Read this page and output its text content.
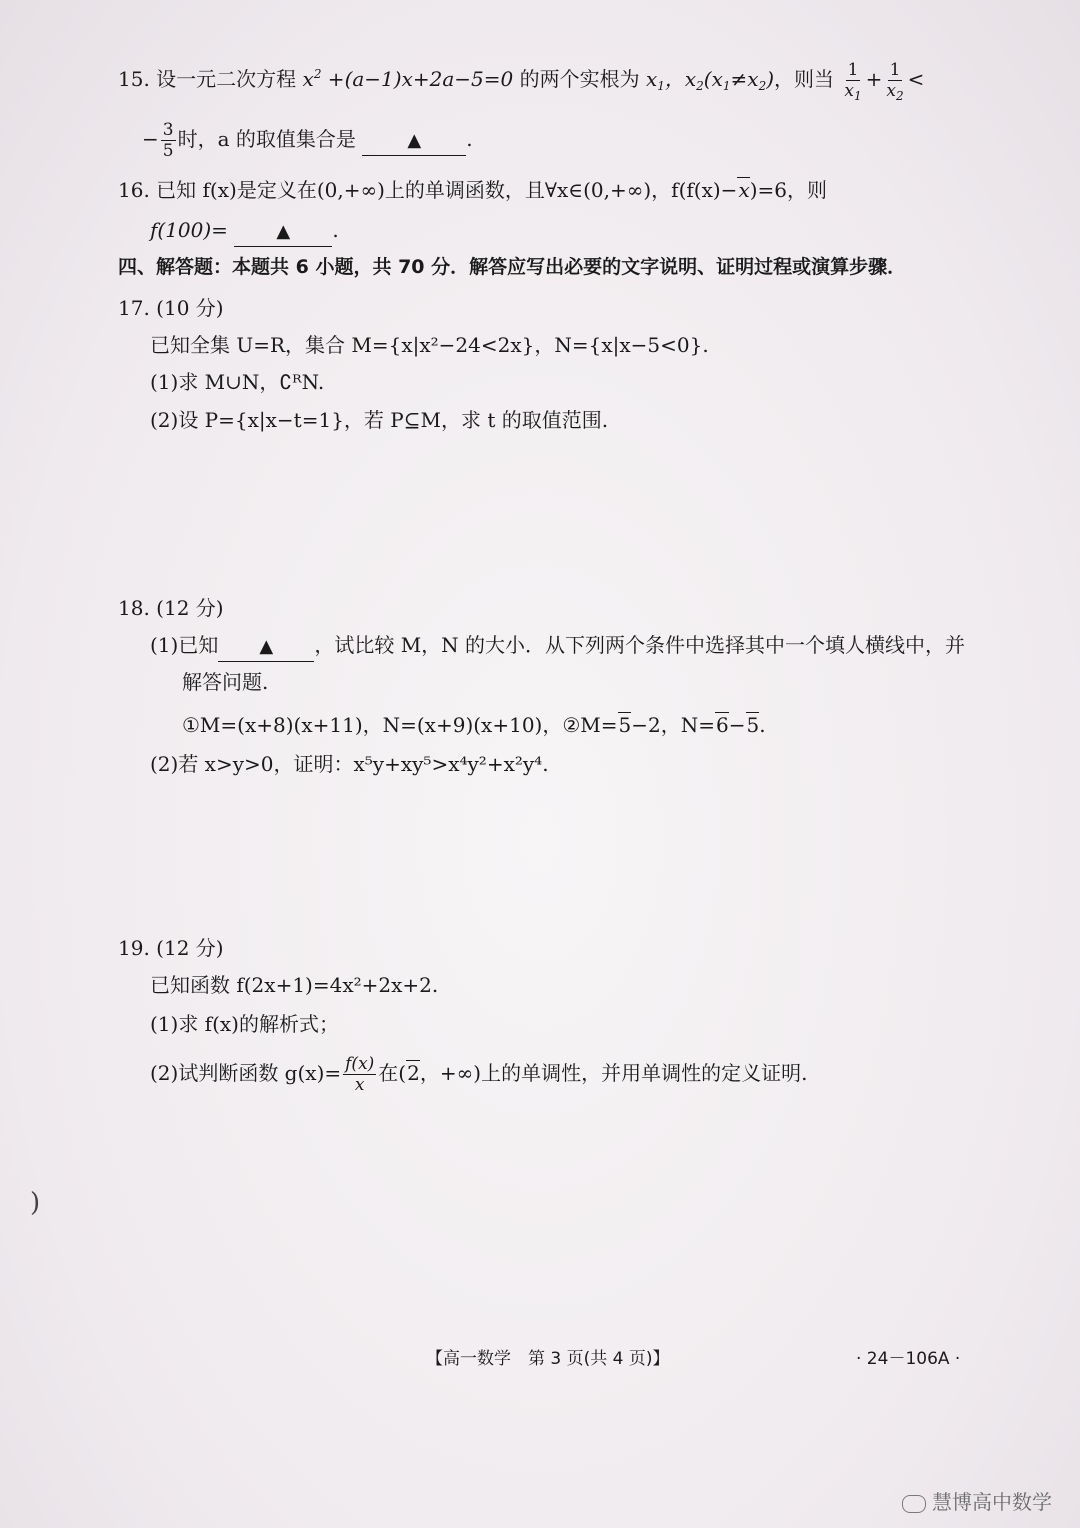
15. 设一元二次方程 $x^2 +(a-1)x+2a-5=0$ 的两个实根为 $x_1$，$x_2(x_1\ne x_2)$，则当 $\frac{1}{x_1} + \frac{1}{x_2}$ <
− $\frac{3}{5}$ 时，a 的取值集合是	▲ .
16. 已知 f(x)是定义在(0,+∞)上的单调函数，且∀x∈(0,+∞)，f(f(x)−x)=6，则
f(100)=	▲ .
四、解答题：本题共 6 小题，共 70 分．解答应写出必要的文字说明、证明过程或演算步骤．
17. (10 分)
已知全集 U=R，集合 M={x|x²−24<2x}，N={x|x−5<0}.
(1)求 M∪N，∁ᴿN.
(2)设 P={x|x−t=1}，若 P⊆M，求 t 的取值范围.
18. (12 分)
(1)已知 ▲ ，试比较 M，N 的大小．从下列两个条件中选择其中一个填人横线中，并
解答问题.
①M=(x+8)(x+11)，N=(x+9)(x+10)，②M=5−2，N=6−5.
(2)若 x>y>0，证明：x⁵y+xy⁵>x⁴y²+x²y⁴.
19. (12 分)
已知函数 f(2x+1)=4x²+2x+2.
(1)求 f(x)的解析式；
(2)试判断函数 $g(x)= \frac{f(x)}{x}$ 在(2，+∞)上的单调性，并用单调性的定义证明.
)
【高一数学　第 3 页(共 4 页)】	· 24－106A ·
慧博高中数学
